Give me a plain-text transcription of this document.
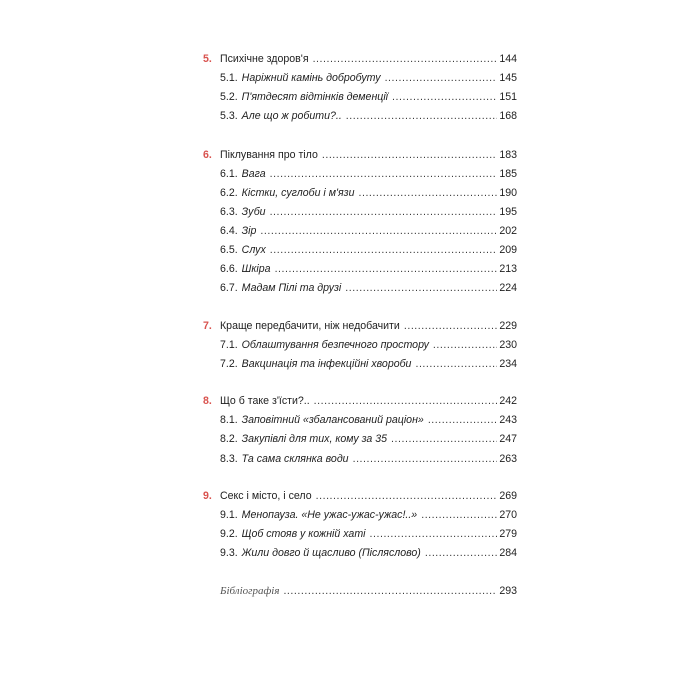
5. Психічне здоров'я . . .	144
5.1. Наріжний камінь добробуту . . .	145
5.2. П'ятдесят відтінків деменції . . .	151
5.3. Але що ж робити?.. . . .	168
6. Піклування про тіло . . .	183
6.1. Вага . . .	185
6.2. Кістки, суглоби і м'язи . . .	190
6.3. Зуби . . .	195
6.4. Зір . . .	202
6.5. Слух . . .	209
6.6. Шкіра . . .	213
6.7. Мадам Пілі та друзі . . .	224
7. Краще передбачити, ніж недобачити . . .	229
7.1. Облаштування безпечного простору . . .	230
7.2. Вакцинація та інфекційні хвороби . . .	234
8. Що б таке з'їсти?.. . . .	242
8.1. Заповітний «збалансований раціон» . . .	243
8.2. Закупівлі для тих, кому за 35 . . .	247
8.3. Та сама склянка води . . .	263
9. Секс і місто, і село . . .	269
9.1. Менопауза. «Не ужас-ужас-ужас!..» . . .	270
9.2. Щоб стояв у кожній хаті . . .	279
9.3. Жили довго й щасливо (Післяслово) . . .	284
Бібліографія . . .	293
